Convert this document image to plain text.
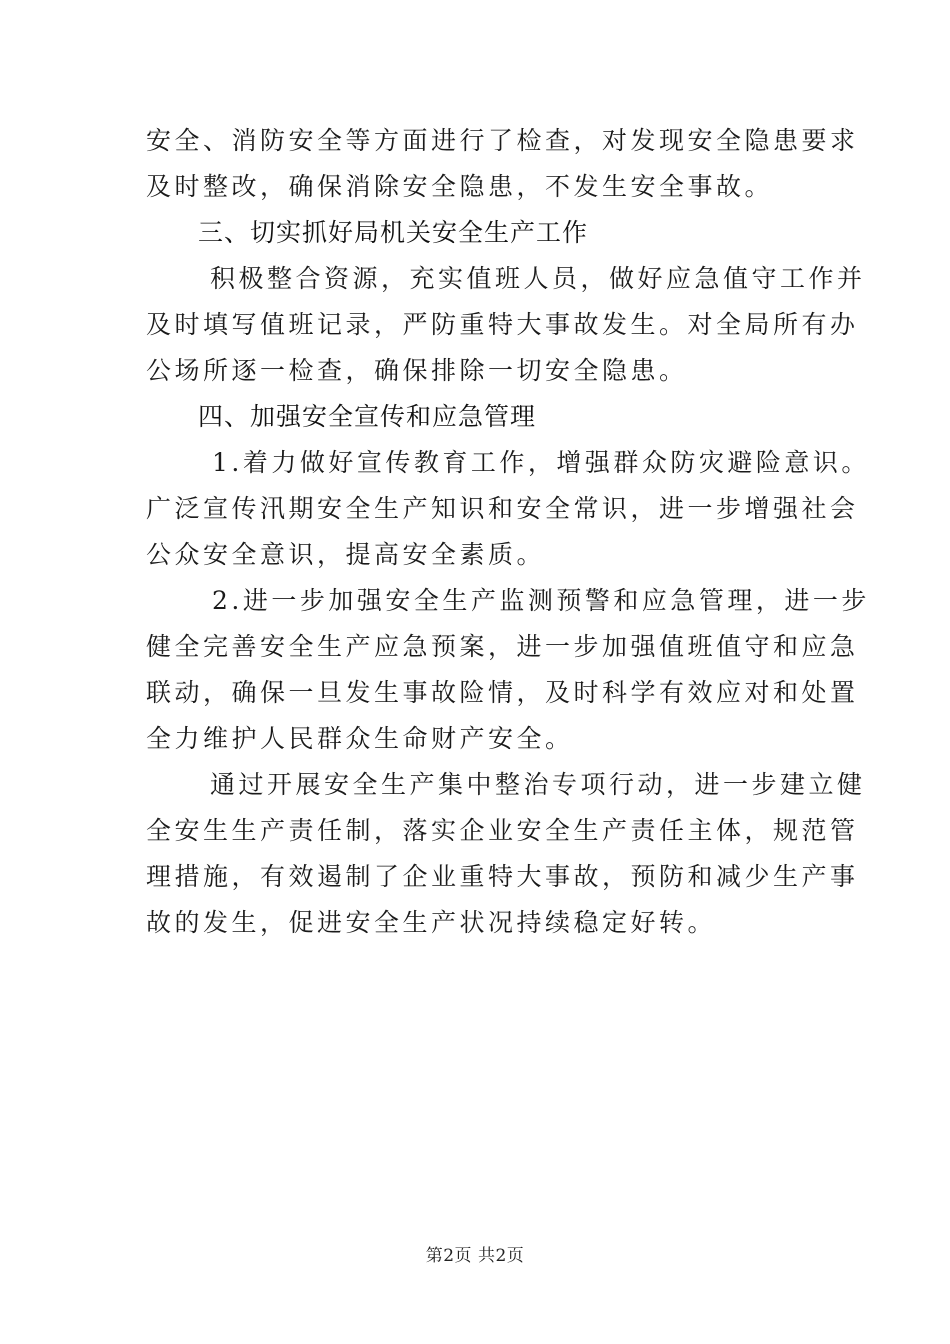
安全、消防安全等方面进行了检查，对发现安全隐患要求
及时整改，确保消除安全隐患，不发生安全事故。

三、切实抓好局机关安全生产工作

积极整合资源，充实值班人员，做好应急值守工作并
及时填写值班记录，严防重特大事故发生。对全局所有办
公场所逐一检查，确保排除一切安全隐患。

四、加强安全宣传和应急管理

1.着力做好宣传教育工作，增强群众防灾避险意识。
广泛宣传汛期安全生产知识和安全常识，进一步增强社会
公众安全意识，提高安全素质。

2.进一步加强安全生产监测预警和应急管理，进一步
健全完善安全生产应急预案，进一步加强值班值守和应急
联动，确保一旦发生事故险情，及时科学有效应对和处置
全力维护人民群众生命财产安全。

通过开展安全生产集中整治专项行动，进一步建立健
全安生生产责任制，落实企业安全生产责任主体，规范管
理措施，有效遏制了企业重特大事故，预防和减少生产事
故的发生，促进安全生产状况持续稳定好转。

第2页 共2页
